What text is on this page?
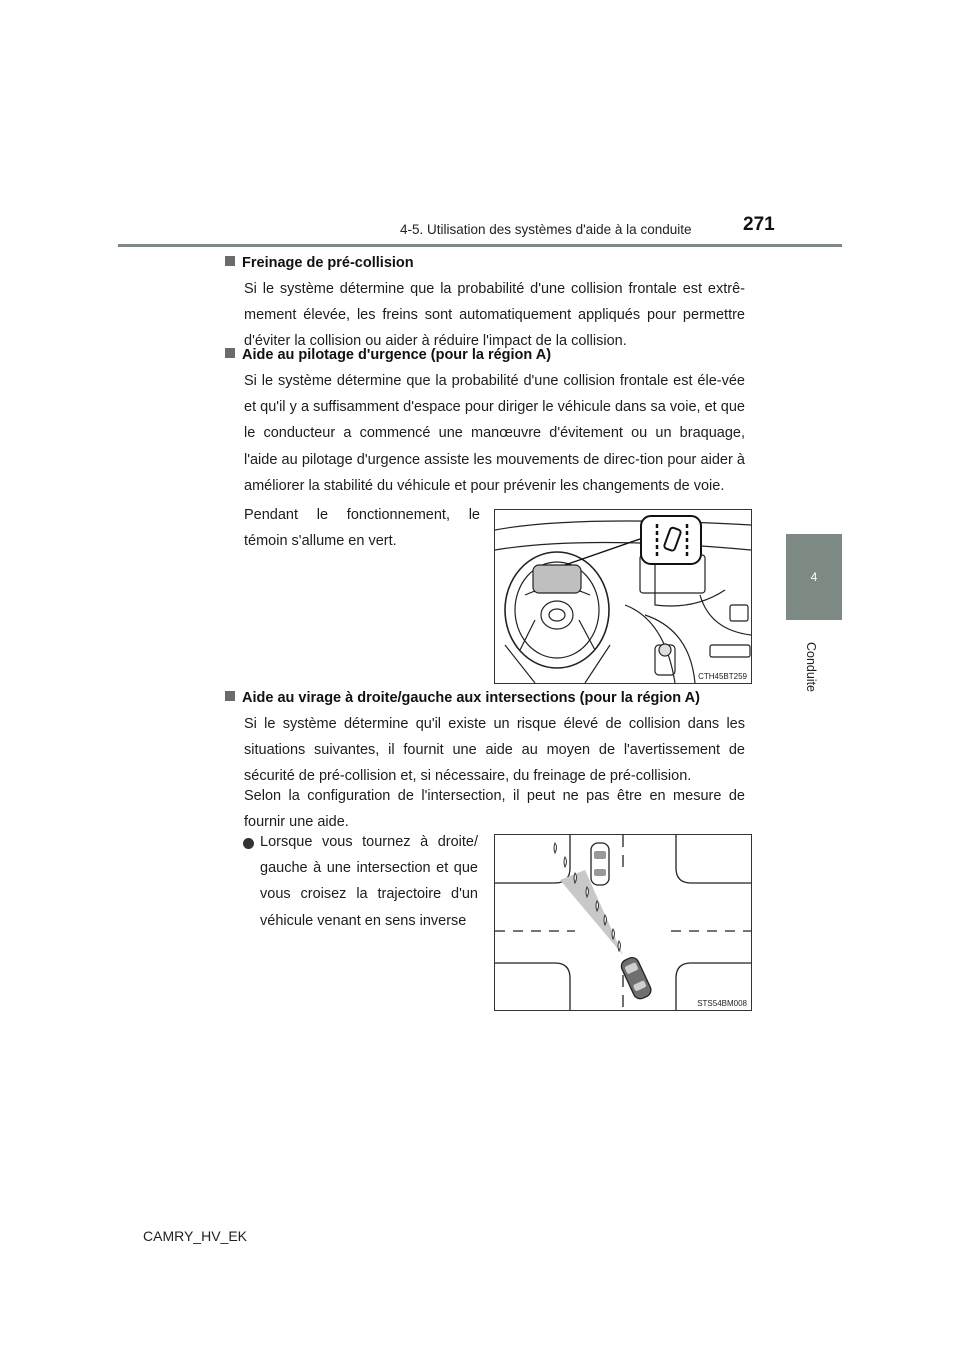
4-5. Utilisation des systèmes d'aide à la conduite	271
4
Conduite
Freinage de pré-collision
Si le système détermine que la probabilité d'une collision frontale est extrê-mement élevée, les freins sont automatiquement appliqués pour permettre d'éviter la collision ou aider à réduire l'impact de la collision.
Aide au pilotage d'urgence (pour la région A)
Si le système détermine que la probabilité d'une collision frontale est éle-vée et qu'il y a suffisamment d'espace pour diriger le véhicule dans sa voie, et que le conducteur a commencé une manœuvre d'évitement ou un braquage, l'aide au pilotage d'urgence assiste les mouvements de direc-tion pour aider à améliorer la stabilité du véhicule et pour prévenir les changements de voie.
Pendant le fonctionnement, le témoin s'allume en vert.
CTH45BT259
Aide au virage à droite/gauche aux intersections (pour la région A)
Si le système détermine qu'il existe un risque élevé de collision dans les situations suivantes, il fournit une aide au moyen de l'avertissement de sécurité de pré-collision et, si nécessaire, du freinage de pré-collision.
Selon la configuration de l'intersection, il peut ne pas être en mesure de fournir une aide.
Lorsque vous tournez à droite/ gauche à une intersection et que vous croisez la trajectoire d'un véhicule venant en sens inverse
STS54BM008
CAMRY_HV_EK
